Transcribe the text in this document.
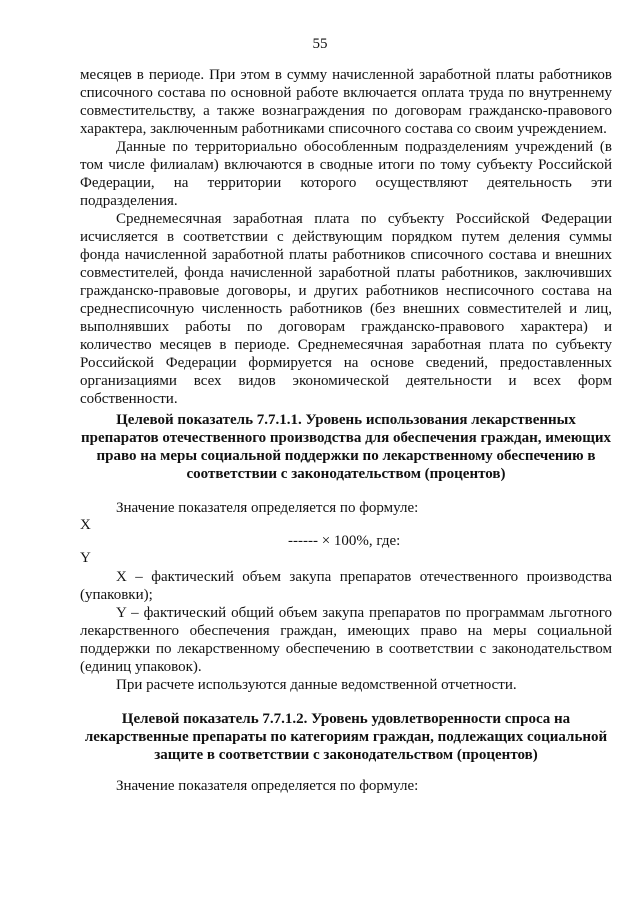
55

месяцев в периоде. При этом в сумму начисленной заработной платы работников списочного состава по основной работе включается оплата труда по внутреннему совместительству, а также вознаграждения по договорам гражданско-правового характера, заключенным работниками списочного состава со своим учреждением.

Данные по территориально обособленным подразделениям учреждений (в том числе филиалам) включаются в сводные итоги по тому субъекту Российской Федерации, на территории которого осуществляют деятельность эти подразделения.

Среднемесячная заработная плата по субъекту Российской Федерации исчисляется в соответствии с действующим порядком путем деления суммы фонда начисленной заработной платы работников списочного состава и внешних совместителей, фонда начисленной заработной платы работников, заключивших гражданско-правовые договоры, и других работников несписочного состава на среднесписочную численность работников (без внешних совместителей и лиц, выполнявших работы по договорам гражданско-правового характера) и количество месяцев в периоде. Среднемесячная заработная плата по субъекту Российской Федерации формируется на основе сведений, предоставленных организациями всех видов экономической деятельности и всех форм собственности.

Целевой показатель 7.7.1.1. Уровень использования лекарственных препаратов отечественного производства для обеспечения граждан, имеющих право на меры социальной поддержки по лекарственному обеспечению в соответствии с законодательством (процентов)
Значение показателя определяется по формуле:
X
------ × 100%, где:
Y

X – фактический объем закупа препаратов отечественного производства (упаковки);

Y – фактический общий объем закупа препаратов по программам льготного лекарственного обеспечения граждан, имеющих право на меры социальной поддержки по лекарственному обеспечению в соответствии с законодательством (единиц упаковок).

При расчете используются данные ведомственной отчетности.

Целевой показатель 7.7.1.2. Уровень удовлетворенности спроса на лекарственные препараты по категориям граждан, подлежащих социальной защите в соответствии с законодательством (процентов)
Значение показателя определяется по формуле:
